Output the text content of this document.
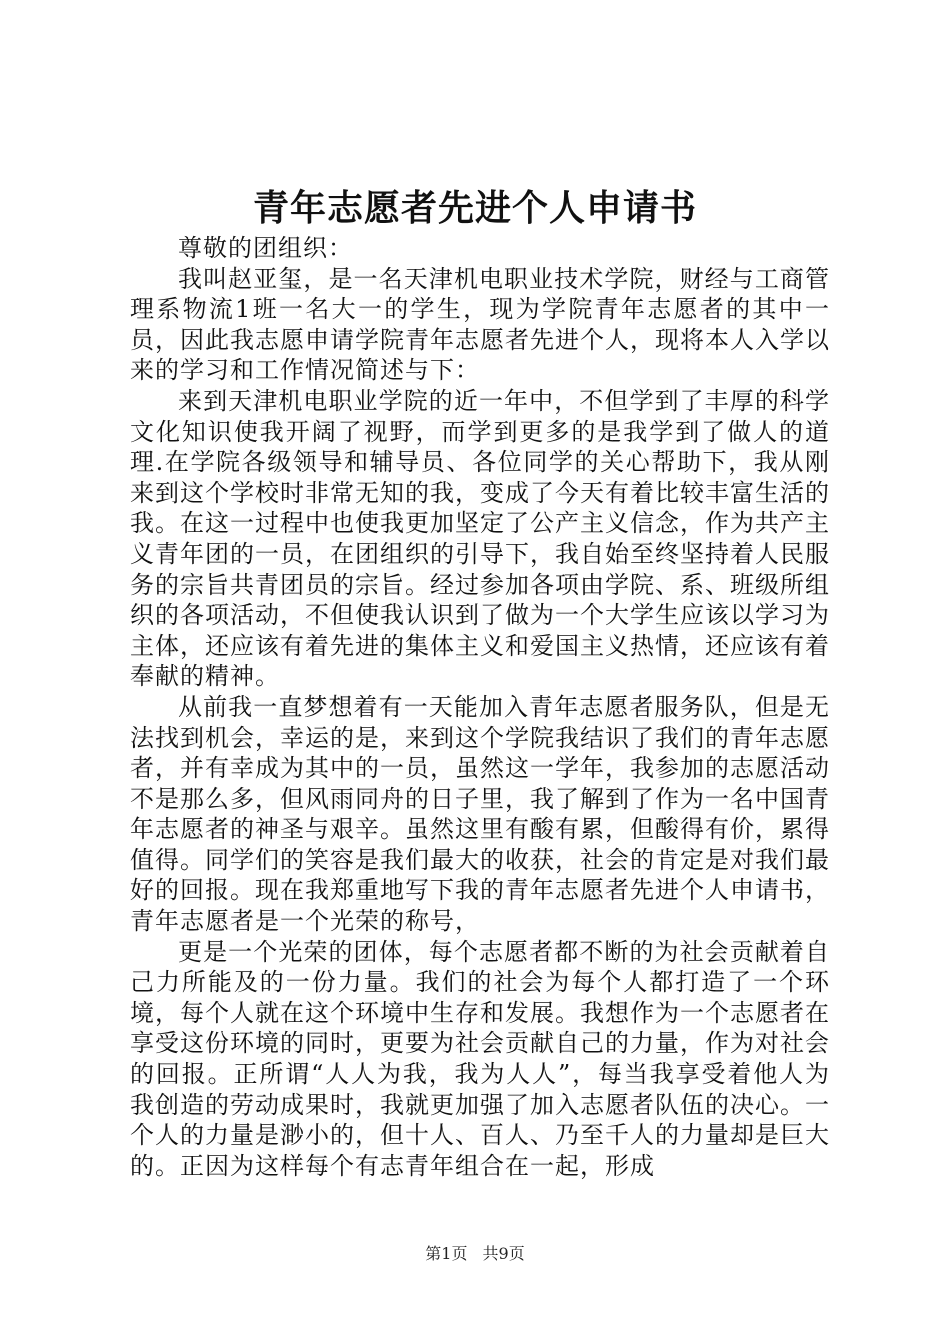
青年志愿者先进个人申请书

尊敬的团组织：

我叫赵亚玺，是一名天津机电职业技术学院，财经与工商管理系物流1班一名大一的学生，现为学院青年志愿者的其中一员，因此我志愿申请学院青年志愿者先进个人，现将本人入学以来的学习和工作情况简述与下：

来到天津机电职业学院的近一年中，不但学到了丰厚的科学文化知识使我开阔了视野，而学到更多的是我学到了做人的道理.在学院各级领导和辅导员、各位同学的关心帮助下，我从刚来到这个学校时非常无知的我，变成了今天有着比较丰富生活的我。在这一过程中也使我更加坚定了公产主义信念，作为共产主义青年团的一员，在团组织的引导下，我自始至终坚持着人民服务的宗旨共青团员的宗旨。经过参加各项由学院、系、班级所组织的各项活动，不但使我认识到了做为一个大学生应该以学习为主体，还应该有着先进的集体主义和爱国主义热情，还应该有着奉献的精神。

从前我一直梦想着有一天能加入青年志愿者服务队，但是无法找到机会，幸运的是，来到这个学院我结识了我们的青年志愿者，并有幸成为其中的一员，虽然这一学年，我参加的志愿活动不是那么多，但风雨同舟的日子里，我了解到了作为一名中国青年志愿者的神圣与艰辛。虽然这里有酸有累，但酸得有价，累得值得。同学们的笑容是我们最大的收获，社会的肯定是对我们最好的回报。现在我郑重地写下我的青年志愿者先进个人申请书，青年志愿者是一个光荣的称号，

更是一个光荣的团体，每个志愿者都不断的为社会贡献着自己力所能及的一份力量。我们的社会为每个人都打造了一个环境，每个人就在这个环境中生存和发展。我想作为一个志愿者在享受这份环境的同时，更要为社会贡献自己的力量，作为对社会的回报。正所谓“人人为我，我为人人”，每当我享受着他人为我创造的劳动成果时，我就更加强了加入志愿者队伍的决心。一个人的力量是渺小的，但十人、百人、乃至千人的力量却是巨大的。正因为这样每个有志青年组合在一起，形成

第1页 共9页
